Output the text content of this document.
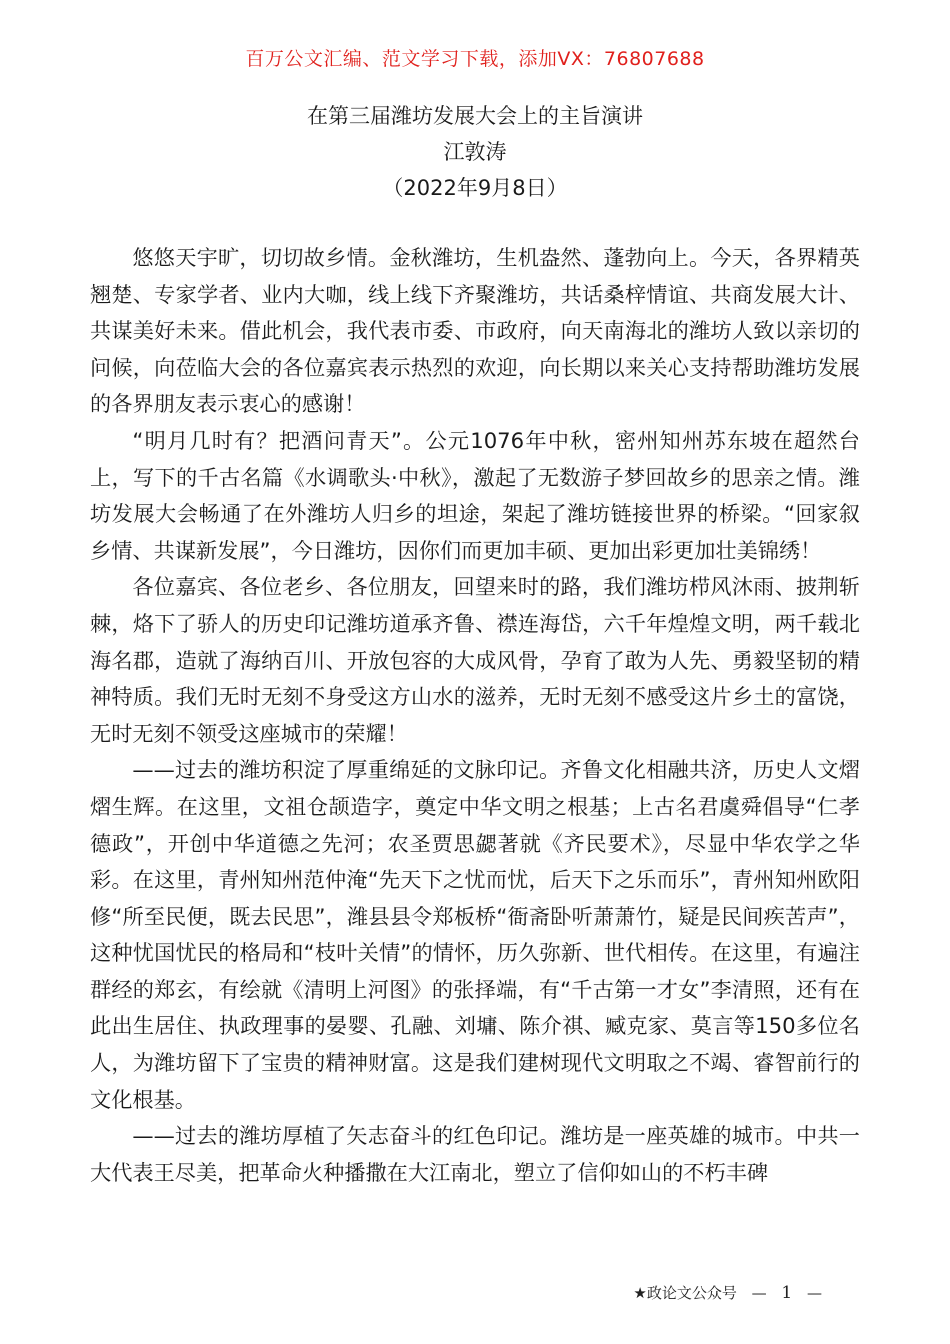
百万公文汇编、范文学习下载，添加VX：76807688
在第三届潍坊发展大会上的主旨演讲
江敦涛
（2022年9月8日）

悠悠天宇旷，切切故乡情。金秋潍坊，生机盎然、蓬勃向上。今天，各界精英翘楚、专家学者、业内大咖，线上线下齐聚潍坊，共话桑梓情谊、共商发展大计、共谋美好未来。借此机会，我代表市委、市政府，向天南海北的潍坊人致以亲切的问候，向莅临大会的各位嘉宾表示热烈的欢迎，向长期以来关心支持帮助潍坊发展的各界朋友表示衷心的感谢！

“明月几时有？把酒问青天”。公元1076年中秋，密州知州苏东坡在超然台上，写下的千古名篇《水调歌头·中秋》，激起了无数游子梦回故乡的思亲之情。潍坊发展大会畅通了在外潍坊人归乡的坦途，架起了潍坊链接世界的桥梁。“回家叙乡情、共谋新发展”，今日潍坊，因你们而更加丰硕、更加出彩更加壮美锦绣！

各位嘉宾、各位老乡、各位朋友，回望来时的路，我们潍坊栉风沐雨、披荆斩棘，烙下了骄人的历史印记潍坊道承齐鲁、襟连海岱，六千年煌煌文明，两千载北海名郡，造就了海纳百川、开放包容的大成风骨，孕育了敢为人先、勇毅坚韧的精神特质。我们无时无刻不身受这方山水的滋养，无时无刻不感受这片乡土的富饶，无时无刻不领受这座城市的荣耀！

——过去的潍坊积淀了厚重绵延的文脉印记。齐鲁文化相融共济，历史人文熠熠生辉。在这里，文祖仓颉造字，奠定中华文明之根基；上古名君虞舜倡导“仁孝德政”，开创中华道德之先河；农圣贾思勰著就《齐民要术》，尽显中华农学之华彩。在这里，青州知州范仲淹“先天下之忧而忧，后天下之乐而乐”，青州知州欧阳修“所至民便，既去民思”，潍县县令郑板桥“衙斋卧听萧萧竹，疑是民间疾苦声”，这种忧国忧民的格局和“枝叶关情”的情怀，历久弥新、世代相传。在这里，有遍注群经的郑玄，有绘就《清明上河图》的张择端，有“千古第一才女”李清照，还有在此出生居住、执政理事的晏婴、孔融、刘墉、陈介祺、臧克家、莫言等150多位名人，为潍坊留下了宝贵的精神财富。这是我们建树现代文明取之不竭、睿智前行的文化根基。

——过去的潍坊厚植了矢志奋斗的红色印记。潍坊是一座英雄的城市。中共一大代表王尽美，把革命火种播撒在大江南北，塑立了信仰如山的不朽丰碑

★政论文公众号 — 1 —
